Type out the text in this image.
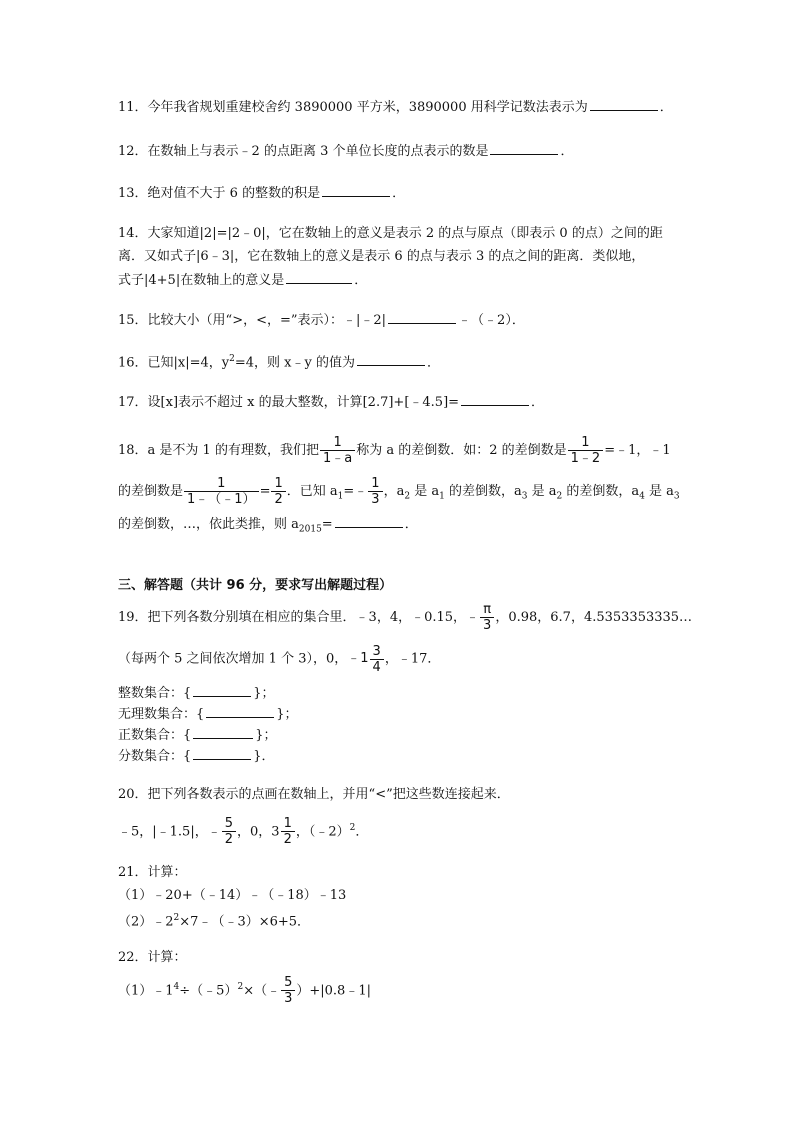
11．今年我省规划重建校舍约 3890000 平方米，3890000 用科学记数法表示为	．
12．在数轴上与表示﹣2 的点距离 3 个单位长度的点表示的数是	．
13．绝对值不大于 6 的整数的积是	．
14．大家知道|2|=|2﹣0|，它在数轴上的意义是表示 2 的点与原点（即表示 0 的点）之间的距
离．又如式子|6﹣3|，它在数轴上的意义是表示 6 的点与表示 3 的点之间的距离．类似地，
式子|4+5|在数轴上的意义是	．
15．比较大小（用“>，<，=”表示）：﹣|﹣2|	﹣（﹣2）．
16．已知|x|=4，$y^2=4$，则 x﹣y 的值为	．
17．设[x]表示不超过 x 的最大整数，计算[2.7]+[﹣4.5]=	．
18．a 是不为 1 的有理数，我们把 $\frac{1}{1﹣a}$ 称为 a 的差倒数．如：2 的差倒数是 $\frac{1}{1﹣2}$ =﹣1，﹣1
的差倒数是 $\frac{1}{1﹣(﹣1)} = \frac{1}{2}$ ．已知 $a_1=﹣ \frac{1}{3}$ ，$a_2$ 是 $a_1$ 的差倒数，$a_3$ 是 $a_2$ 的差倒数，$a_4$ 是 $a_3$
的差倒数，…，依此类推，则 $a_{2015}=$	．
三、解答题（共计 96 分，要求写出解题过程）
19．把下列各数分别填在相应的集合里．﹣3，4，﹣0.15，﹣ $\frac{\pi}{3}$ ，0.98，6.7，4.5353353335…
（每两个 5 之间依次增加 1 个 3），0， ﹣1 $\frac{3}{4}$ ，﹣17．
整数集合：{	}；
无理数集合：{	}；
正数集合：{	}；
分数集合：{	}．
20．把下列各数表示的点画在数轴上，并用“<”把这些数连接起来．
﹣5，|﹣1.5|，﹣ $\frac{5}{2}$ ，0，$3 \frac{1}{2}$ ，（﹣2）$^2$．
21．计算：
（1）﹣20+（﹣14）﹣（﹣18）﹣13
$(2)﹣2^2\times 7﹣(﹣3)\times 6+5$．
22．计算：
$(1)﹣1^4\div(﹣5)^2\times(﹣ \frac{5}{3}$ ）+|0.8﹣1|
